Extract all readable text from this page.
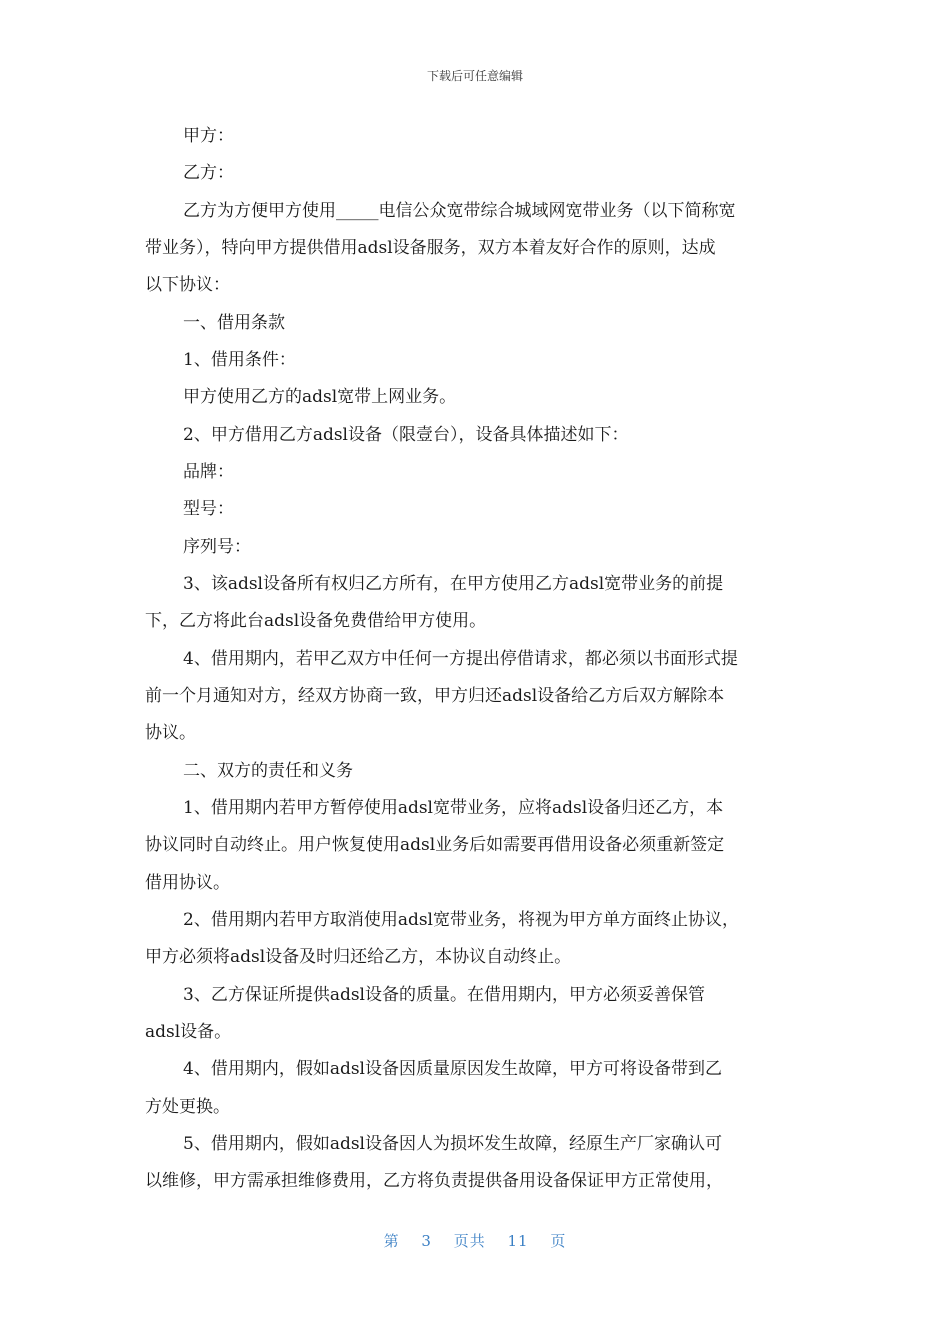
下载后可任意编辑
甲方：
乙方：
乙方为方便甲方使用_____电信公众宽带综合城域网宽带业务（以下简称宽
带业务），特向甲方提供借用adsl设备服务，双方本着友好合作的原则，达成
以下协议：
一、借用条款
1、借用条件：
甲方使用乙方的adsl宽带上网业务。
2、甲方借用乙方adsl设备（限壹台），设备具体描述如下：
品牌：
型号：
序列号：
3、该adsl设备所有权归乙方所有，在甲方使用乙方adsl宽带业务的前提
下，乙方将此台adsl设备免费借给甲方使用。
4、借用期内，若甲乙双方中任何一方提出停借请求，都必须以书面形式提
前一个月通知对方，经双方协商一致，甲方归还adsl设备给乙方后双方解除本
协议。
二、双方的责任和义务
1、借用期内若甲方暂停使用adsl宽带业务，应将adsl设备归还乙方，本
协议同时自动终止。用户恢复使用adsl业务后如需要再借用设备必须重新签定
借用协议。
2、借用期内若甲方取消使用adsl宽带业务，将视为甲方单方面终止协议，
甲方必须将adsl设备及时归还给乙方，本协议自动终止。
3、乙方保证所提供adsl设备的质量。在借用期内，甲方必须妥善保管
adsl设备。
4、借用期内，假如adsl设备因质量原因发生故障，甲方可将设备带到乙
方处更换。
5、借用期内，假如adsl设备因人为损坏发生故障，经原生产厂家确认可
以维修，甲方需承担维修费用，乙方将负责提供备用设备保证甲方正常使用，
第 3 页共 11 页
